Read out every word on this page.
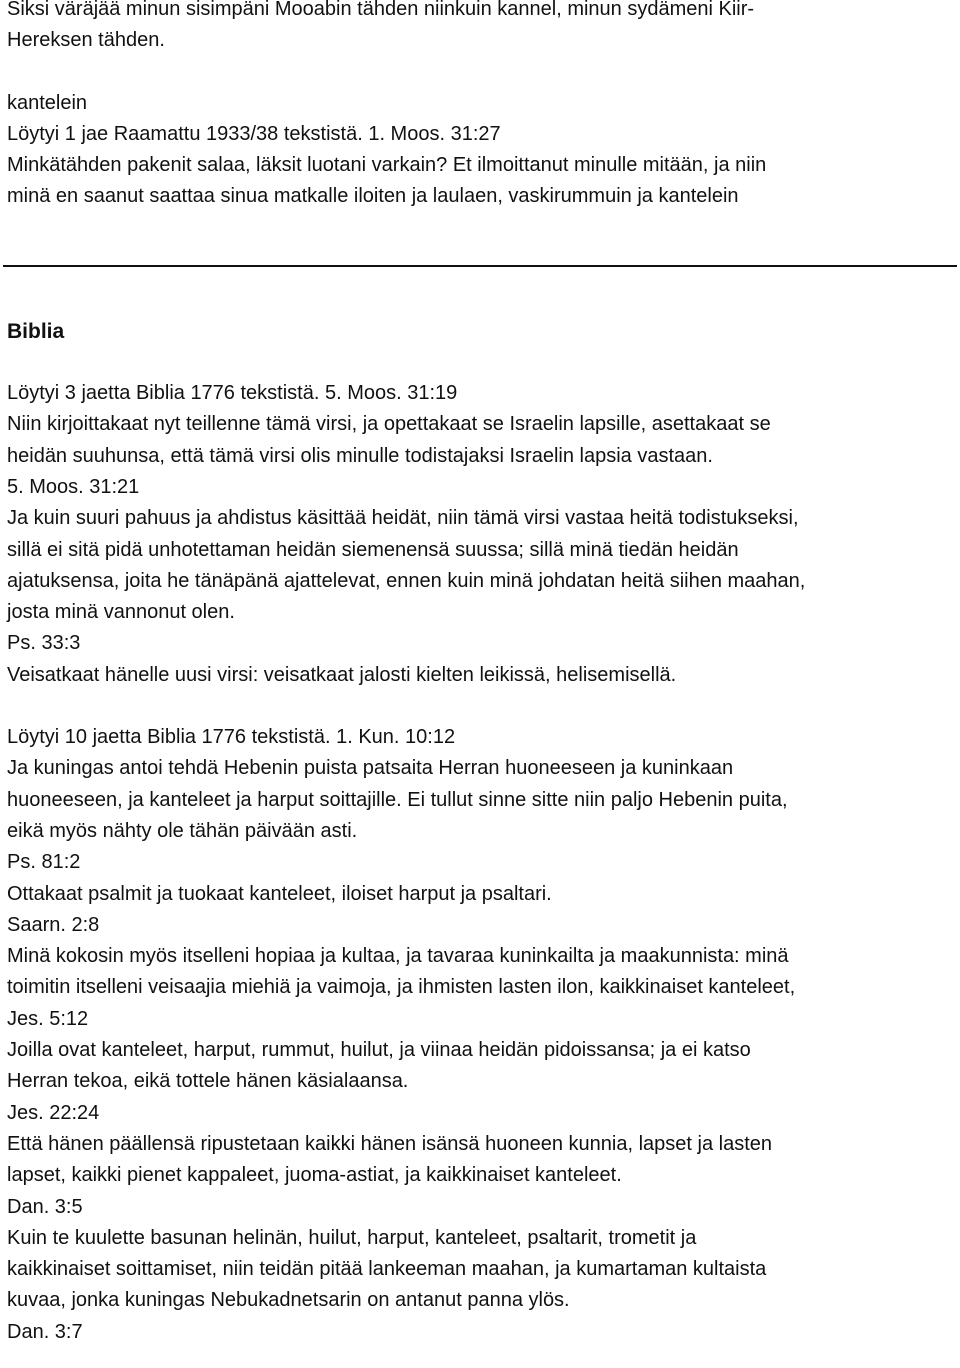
Siksi väräjää minun sisimpäni Mooabin tähden niinkuin kannel, minun sydämeni Kiir-

Hereksen tähden.

kantelein

Löytyi 1 jae Raamattu 1933/38 tekstistä. 1. Moos. 31:27

Minkätähden pakenit salaa, läksit luotani varkain? Et ilmoittanut minulle mitään, ja niin

minä en saanut saattaa sinua matkalle iloiten ja laulaen, vaskirummuin ja kantelein

Biblia

Löytyi 3 jaetta Biblia 1776 tekstistä. 5. Moos. 31:19

Niin kirjoittakaat nyt teillenne tämä virsi, ja opettakaat se Israelin lapsille, asettakaat se

heidän suuhunsa, että tämä virsi olis minulle todistajaksi Israelin lapsia vastaan.

5. Moos. 31:21

Ja kuin suuri pahuus ja ahdistus käsittää heidät, niin tämä virsi vastaa heitä todistukseksi,

sillä ei sitä pidä unhotettaman heidän siemenensä suussa; sillä minä tiedän heidän

ajatuksensa, joita he tänäpänä ajattelevat, ennen kuin minä johdatan heitä siihen maahan,

josta minä vannonut olen.

Ps. 33:3

Veisatkaat hänelle uusi virsi: veisatkaat jalosti kielten leikissä, helisemisellä.

Löytyi 10 jaetta Biblia 1776 tekstistä. 1. Kun. 10:12

Ja kuningas antoi tehdä Hebenin puista patsaita Herran huoneeseen ja kuninkaan

huoneeseen, ja kanteleet ja harput soittajille. Ei tullut sinne sitte niin paljo Hebenin puita,

eikä myös nähty ole tähän päivään asti.

Ps. 81:2

Ottakaat psalmit ja tuokaat kanteleet, iloiset harput ja psaltari.

Saarn. 2:8

Minä kokosin myös itselleni hopiaa ja kultaa, ja tavaraa kuninkailta ja maakunnista: minä

toimitin itselleni veisaajia miehiä ja vaimoja, ja ihmisten lasten ilon, kaikkinaiset kanteleet,

Jes. 5:12

Joilla ovat kanteleet, harput, rummut, huilut, ja viinaa heidän pidoissansa; ja ei katso

Herran tekoa, eikä tottele hänen käsialaansa.

Jes. 22:24

Että hänen päällensä ripustetaan kaikki hänen isänsä huoneen kunnia, lapset ja lasten

lapset, kaikki pienet kappaleet, juoma-astiat, ja kaikkinaiset kanteleet.

Dan. 3:5

Kuin te kuulette basunan helinän, huilut, harput, kanteleet, psaltarit, trometit ja

kaikkinaiset soittamiset, niin teidän pitää lankeeman maahan, ja kumartaman kultaista

kuvaa, jonka kuningas Nebukadnetsarin on antanut panna ylös.

Dan. 3:7
